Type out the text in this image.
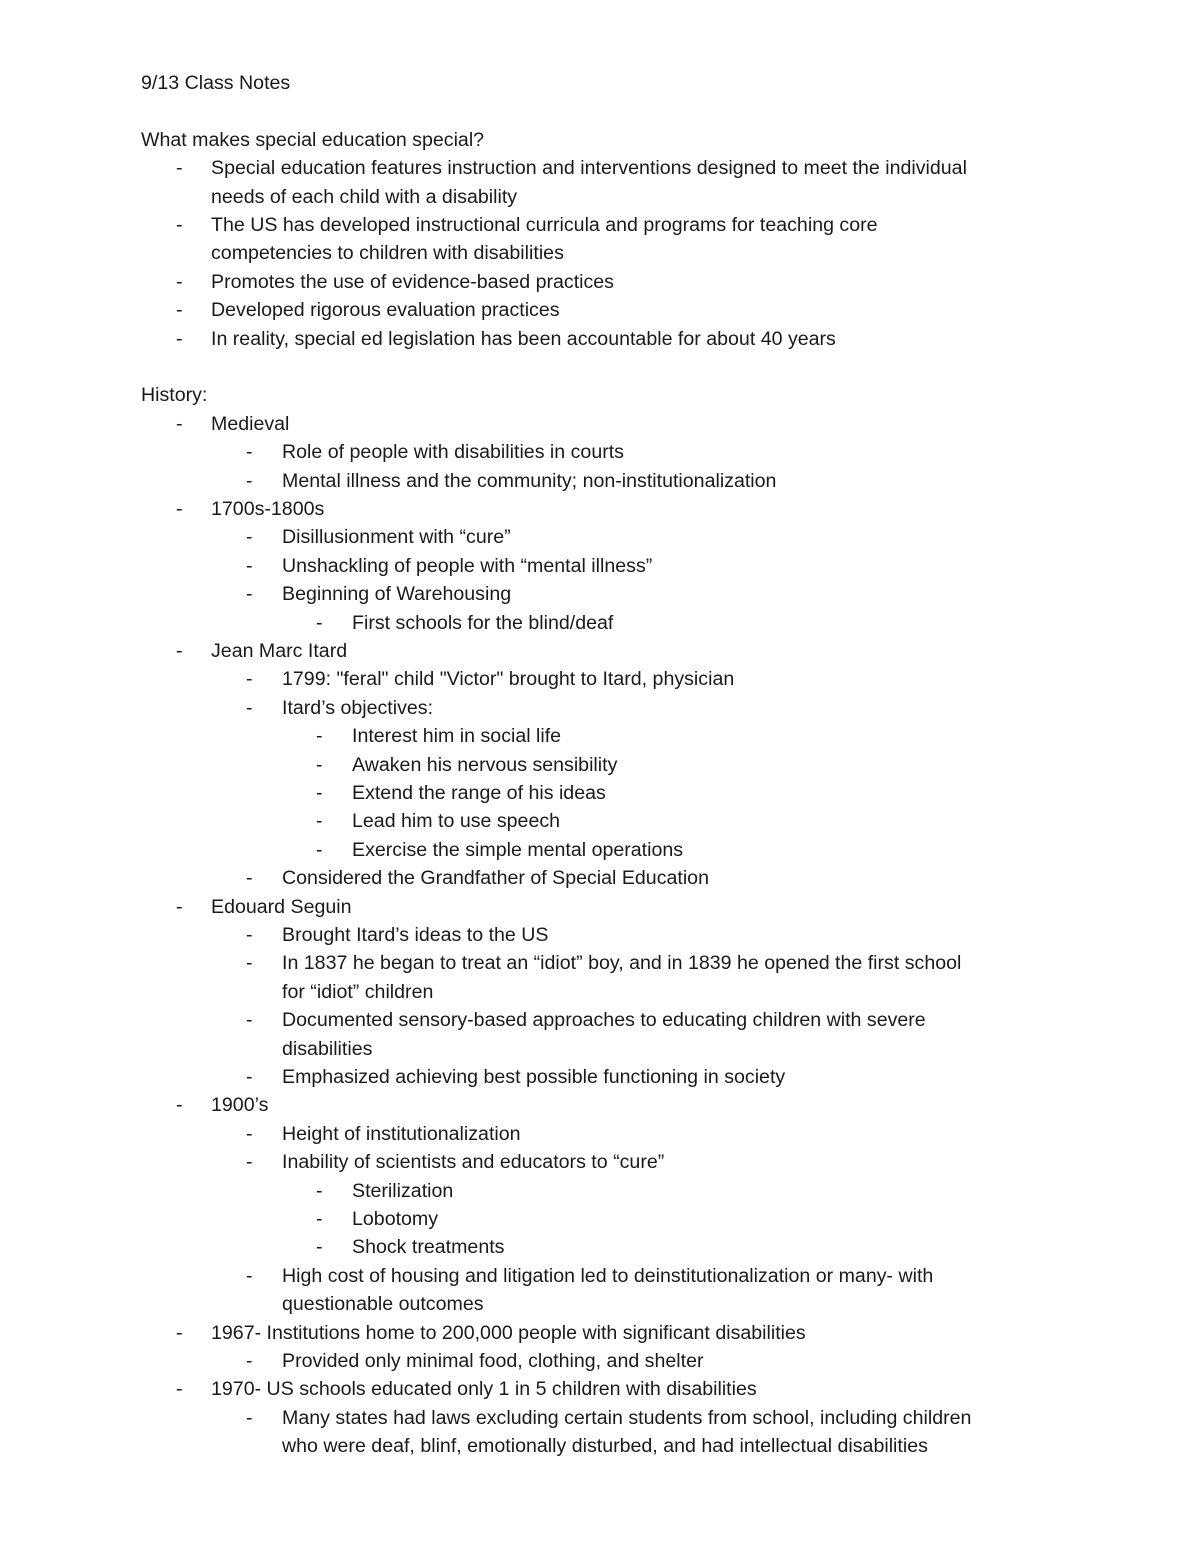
9/13 Class Notes
What makes special education special?
-	Special education features instruction and interventions designed to meet the individual
needs of each child with a disability
-	The US has developed instructional curricula and programs for teaching core
competencies to children with disabilities
-	Promotes the use of evidence-based practices
-	Developed rigorous evaluation practices
-	In reality, special ed legislation has been accountable for about 40 years
History:
-	Medieval
-	Role of people with disabilities in courts
-	Mental illness and the community; non-institutionalization
-	1700s-1800s
-	Disillusionment with “cure”
-	Unshackling of people with “mental illness”
-	Beginning of Warehousing
-	First schools for the blind/deaf
-	Jean Marc Itard
-	1799: "feral" child "Victor" brought to Itard, physician
-	Itard’s objectives:
-	Interest him in social life
-	Awaken his nervous sensibility
-	Extend the range of his ideas
-	Lead him to use speech
-	Exercise the simple mental operations
-	Considered the Grandfather of Special Education
-	Edouard Seguin
-	Brought Itard’s ideas to the US
-	In 1837 he began to treat an “idiot” boy, and in 1839 he opened the first school
for “idiot” children
-	Documented sensory-based approaches to educating children with severe
disabilities
-	Emphasized achieving best possible functioning in society
-	1900’s
-	Height of institutionalization
-	Inability of scientists and educators to “cure”
-	Sterilization
-	Lobotomy
-	Shock treatments
-	High cost of housing and litigation led to deinstitutionalization or many- with
questionable outcomes
-	1967- Institutions home to 200,000 people with significant disabilities
-	Provided only minimal food, clothing, and shelter
-	1970- US schools educated only 1 in 5 children with disabilities
-	Many states had laws excluding certain students from school, including children
who were deaf, blinf, emotionally disturbed, and had intellectual disabilities
